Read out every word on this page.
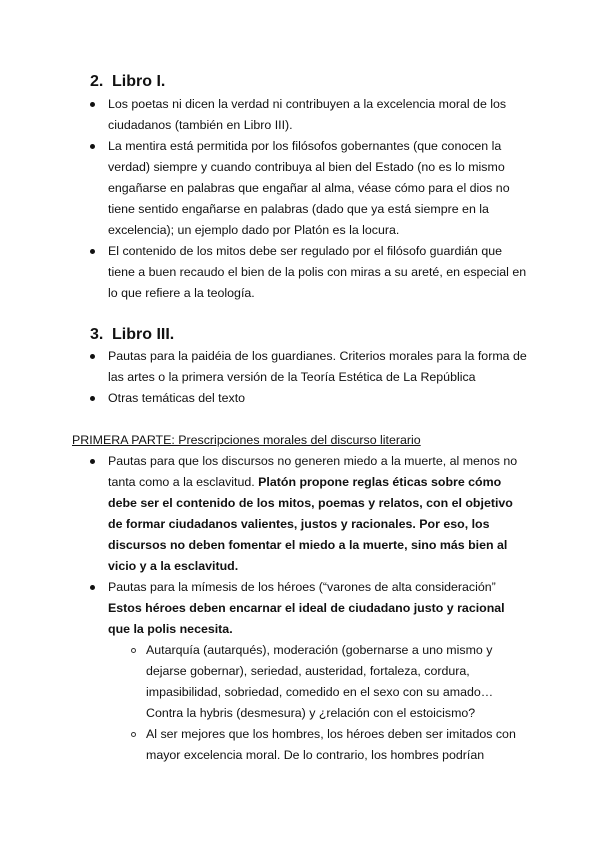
2. Libro I.
Los poetas ni dicen la verdad ni contribuyen a la excelencia moral de los ciudadanos (también en Libro III).
La mentira está permitida por los filósofos gobernantes (que conocen la verdad) siempre y cuando contribuya al bien del Estado (no es lo mismo engañarse en palabras que engañar al alma, véase cómo para el dios no tiene sentido engañarse en palabras (dado que ya está siempre en la excelencia); un ejemplo dado por Platón es la locura.
El contenido de los mitos debe ser regulado por el filósofo guardián que tiene a buen recaudo el bien de la polis con miras a su areté, en especial en lo que refiere a la teología.
3. Libro III.
Pautas para la paidéia de los guardianes. Criterios morales para la forma de las artes o la primera versión de la Teoría Estética de La República
Otras temáticas del texto
PRIMERA PARTE: Prescripciones morales del discurso literario
Pautas para que los discursos no generen miedo a la muerte, al menos no tanta como a la esclavitud. Platón propone reglas éticas sobre cómo debe ser el contenido de los mitos, poemas y relatos, con el objetivo de formar ciudadanos valientes, justos y racionales. Por eso, los discursos no deben fomentar el miedo a la muerte, sino más bien al vicio y a la esclavitud.
Pautas para la mímesis de los héroes (“varones de alta consideración” Estos héroes deben encarnar el ideal de ciudadano justo y racional que la polis necesita.
Autarquía (autarqués), moderación (gobernarse a uno mismo y dejarse gobernar), seriedad, austeridad, fortaleza, cordura, impasibilidad, sobriedad, comedido en el sexo con su amado… Contra la hybris (desmesura) y ¿relación con el estoicismo?
Al ser mejores que los hombres, los héroes deben ser imitados con mayor excelencia moral. De lo contrario, los hombres podrían
